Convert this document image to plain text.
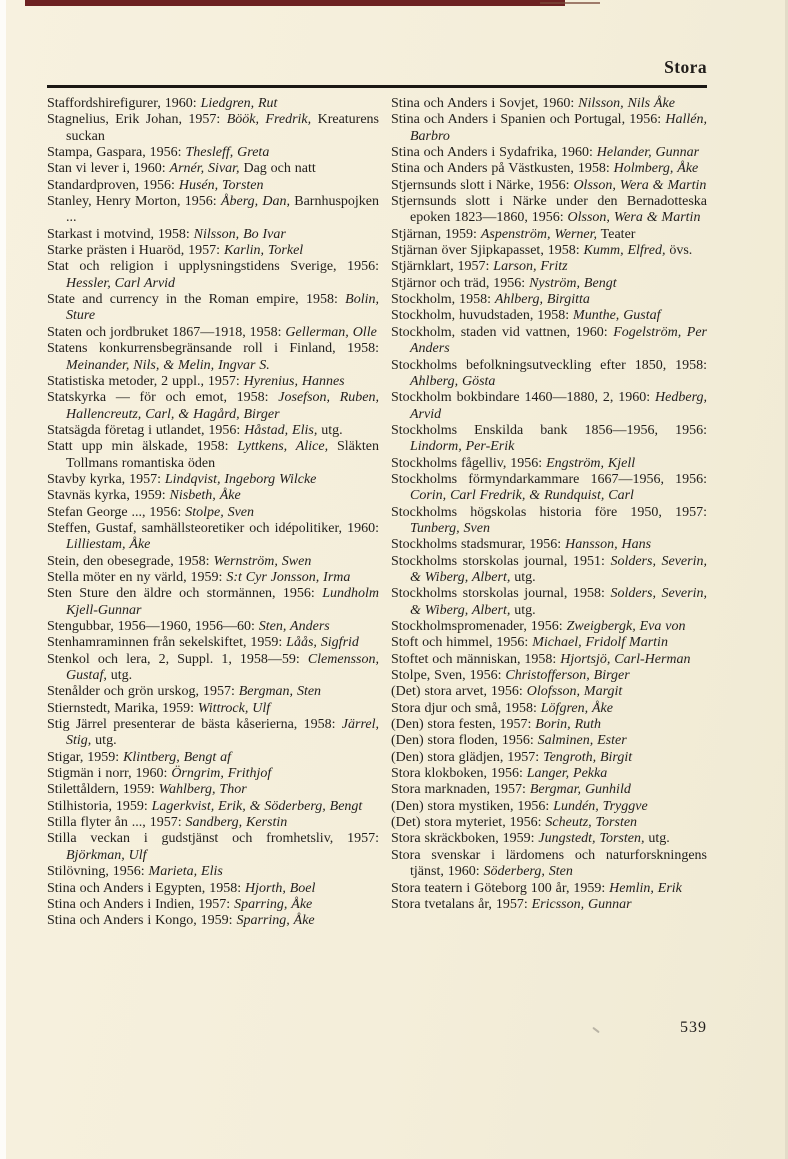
Stora

Staffordshirefigurer, 1960: Liedgren, Rut

Stagnelius, Erik Johan, 1957: Böök, Fredrik, Kreaturens suckan

Stampa, Gaspara, 1956: Thesleff, Greta

Stan vi lever i, 1960: Arnér, Sivar, Dag och natt

Standardproven, 1956: Husén, Torsten

Stanley, Henry Morton, 1956: Åberg, Dan, Barnhuspojken ...

Starkast i motvind, 1958: Nilsson, Bo Ivar

Starke prästen i Huaröd, 1957: Karlin, Torkel

Stat och religion i upplysningstidens Sverige, 1956: Hessler, Carl Arvid

State and currency in the Roman empire, 1958: Bolin, Sture

Staten och jordbruket 1867—1918, 1958: Gellerman, Olle

Statens konkurrensbegränsande roll i Finland, 1958: Meinander, Nils, & Melin, Ingvar S.

Statistiska metoder, 2 uppl., 1957: Hyrenius, Hannes

Statskyrka — för och emot, 1958: Josefson, Ruben, Hallencreutz, Carl, & Hagård, Birger

Statsägda företag i utlandet, 1956: Håstad, Elis, utg.

Statt upp min älskade, 1958: Lyttkens, Alice, Släkten Tollmans romantiska öden

Stavby kyrka, 1957: Lindqvist, Ingeborg Wilcke

Stavnäs kyrka, 1959: Nisbeth, Åke

Stefan George ..., 1956: Stolpe, Sven

Steffen, Gustaf, samhällsteoretiker och idépolitiker, 1960: Lilliestam, Åke

Stein, den obesegrade, 1958: Wernström, Swen

Stella möter en ny värld, 1959: S:t Cyr Jonsson, Irma

Sten Sture den äldre och stormännen, 1956: Lundholm Kjell-Gunnar

Stengubbar, 1956—1960, 1956—60: Sten, Anders

Stenhamraminnen från sekelskiftet, 1959: Låås, Sigfrid

Stenkol och lera, 2, Suppl. 1, 1958—59: Clemensson, Gustaf, utg.

Stenålder och grön urskog, 1957: Bergman, Sten

Stiernstedt, Marika, 1959: Wittrock, Ulf

Stig Järrel presenterar de bästa kåserierna, 1958: Järrel, Stig, utg.

Stigar, 1959: Klintberg, Bengt af

Stigmän i norr, 1960: Örngrim, Frithjof

Stilettåldern, 1959: Wahlberg, Thor

Stilhistoria, 1959: Lagerkvist, Erik, & Söderberg, Bengt

Stilla flyter ån ..., 1957: Sandberg, Kerstin

Stilla veckan i gudstjänst och fromhetsliv, 1957: Björkman, Ulf

Stilövning, 1956: Marieta, Elis

Stina och Anders i Egypten, 1958: Hjorth, Boel

Stina och Anders i Indien, 1957: Sparring, Åke

Stina och Anders i Kongo, 1959: Sparring, Åke

Stina och Anders i Sovjet, 1960: Nilsson, Nils Åke

Stina och Anders i Spanien och Portugal, 1956: Hallén, Barbro

Stina och Anders i Sydafrika, 1960: Helander, Gunnar

Stina och Anders på Västkusten, 1958: Holmberg, Åke

Stjernsunds slott i Närke, 1956: Olsson, Wera & Martin

Stjernsunds slott i Närke under den Bernadotteska epoken 1823—1860, 1956: Olsson, Wera & Martin

Stjärnan, 1959: Aspenström, Werner, Teater

Stjärnan över Sjipkapasset, 1958: Kumm, Elfred, övs.

Stjärnklart, 1957: Larson, Fritz

Stjärnor och träd, 1956: Nyström, Bengt

Stockholm, 1958: Ahlberg, Birgitta

Stockholm, huvudstaden, 1958: Munthe, Gustaf

Stockholm, staden vid vattnen, 1960: Fogelström, Per Anders

Stockholms befolkningsutveckling efter 1850, 1958: Ahlberg, Gösta

Stockholm bokbindare 1460—1880, 2, 1960: Hedberg, Arvid

Stockholms Enskilda bank 1856—1956, 1956: Lindorm, Per-Erik

Stockholms fågelliv, 1956: Engström, Kjell

Stockholms förmyndarkammare 1667—1956, 1956: Corin, Carl Fredrik, & Rundquist, Carl

Stockholms högskolas historia före 1950, 1957: Tunberg, Sven

Stockholms stadsmurar, 1956: Hansson, Hans

Stockholms storskolas journal, 1951: Solders, Severin, & Wiberg, Albert, utg.

Stockholms storskolas journal, 1958: Solders, Severin, & Wiberg, Albert, utg.

Stockholmspromenader, 1956: Zweigbergk, Eva von

Stoft och himmel, 1956: Michael, Fridolf Martin

Stoftet och människan, 1958: Hjortsjö, Carl-Herman

Stolpe, Sven, 1956: Christofferson, Birger

(Det) stora arvet, 1956: Olofsson, Margit

Stora djur och små, 1958: Löfgren, Åke

(Den) stora festen, 1957: Borin, Ruth

(Den) stora floden, 1956: Salminen, Ester

(Den) stora glädjen, 1957: Tengroth, Birgit

Stora klokboken, 1956: Langer, Pekka

Stora marknaden, 1957: Bergmar, Gunhild

(Den) stora mystiken, 1956: Lundén, Tryggve

(Det) stora myteriet, 1956: Scheutz, Torsten

Stora skräckboken, 1959: Jungstedt, Torsten, utg.

Stora svenskar i lärdomens och naturforskningens tjänst, 1960: Söderberg, Sten

Stora teatern i Göteborg 100 år, 1959: Hemlin, Erik

Stora tvetalans år, 1957: Ericsson, Gunnar

539
